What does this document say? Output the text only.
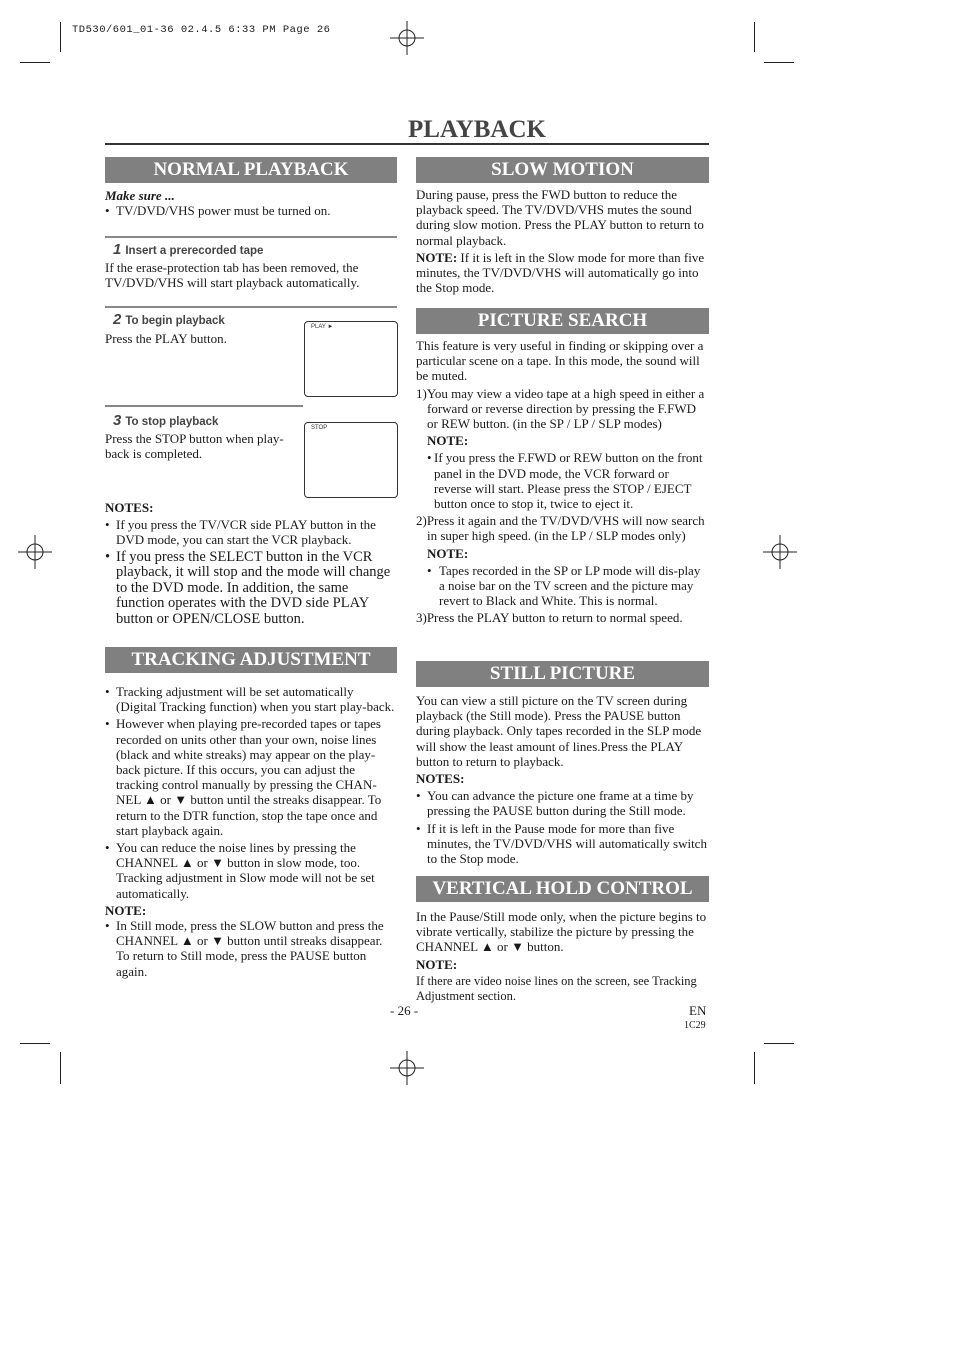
TD530/601_01-36 02.4.5 6:33 PM Page 26
PLAYBACK
NORMAL PLAYBACK

Make sure ...

• TV/DVD/VHS power must be turned on.

1 Insert a prerecorded tape
If the erase-protection tab has been removed, the TV/DVD/VHS will start playback automatically.
2 To begin playback
Press the PLAY button.
PLAY ►
3 To stop playback
Press the STOP button when play-back is completed.
STOP

NOTES:

• If you press the TV/VCR side PLAY button in the DVD mode, you can start the VCR playback.

• If you press the SELECT button in the VCR playback, it will stop and the mode will change to the DVD mode. In addition, the same function operates with the DVD side PLAY button or OPEN/CLOSE button.

TRACKING ADJUSTMENT

• Tracking adjustment will be set automatically (Digital Tracking function) when you start play-back.

• However when playing pre-recorded tapes or tapes recorded on units other than your own, noise lines (black and white streaks) may appear on the play-back picture. If this occurs, you can adjust the tracking control manually by pressing the CHAN-NEL ▲ or ▼ button until the streaks disappear. To return to the DTR function, stop the tape once and start playback again.

• You can reduce the noise lines by pressing the CHANNEL ▲ or ▼ button in slow mode, too. Tracking adjustment in Slow mode will not be set automatically.

NOTE:

• In Still mode, press the SLOW button and press the CHANNEL ▲ or ▼ button until streaks disappear. To return to Still mode, press the PAUSE button again.

SLOW MOTION

During pause, press the FWD button to reduce the playback speed. The TV/DVD/VHS mutes the sound during slow motion. Press the PLAY button to return to normal playback.

NOTE: If it is left in the Slow mode for more than five minutes, the TV/DVD/VHS will automatically go into the Stop mode.

PICTURE SEARCH

This feature is very useful in finding or skipping over a particular scene on a tape. In this mode, the sound will be muted.

1)You may view a video tape at a high speed in either a forward or reverse direction by pressing the F.FWD or REW button. (in the SP / LP / SLP modes)

NOTE:

• If you press the F.FWD or REW button on the front panel in the DVD mode, the VCR forward or reverse will start. Please press the STOP / EJECT button once to stop it, twice to eject it.

2)Press it again and the TV/DVD/VHS will now search in super high speed. (in the LP / SLP modes only)

NOTE:

• Tapes recorded in the SP or LP mode will dis-play a noise bar on the TV screen and the picture may revert to Black and White. This is normal.

3)Press the PLAY button to return to normal speed.

STILL PICTURE

You can view a still picture on the TV screen during playback (the Still mode). Press the PAUSE button during playback. Only tapes recorded in the SLP mode will show the least amount of lines.Press the PLAY button to return to playback.

NOTES:

• You can advance the picture one frame at a time by pressing the PAUSE button during the Still mode.

• If it is left in the Pause mode for more than five minutes, the TV/DVD/VHS will automatically switch to the Stop mode.

VERTICAL HOLD CONTROL

In the Pause/Still mode only, when the picture begins to vibrate vertically, stabilize the picture by pressing the CHANNEL ▲ or ▼ button.

NOTE:

If there are video noise lines on the screen, see Tracking Adjustment section.

- 26 -	EN
1C29
